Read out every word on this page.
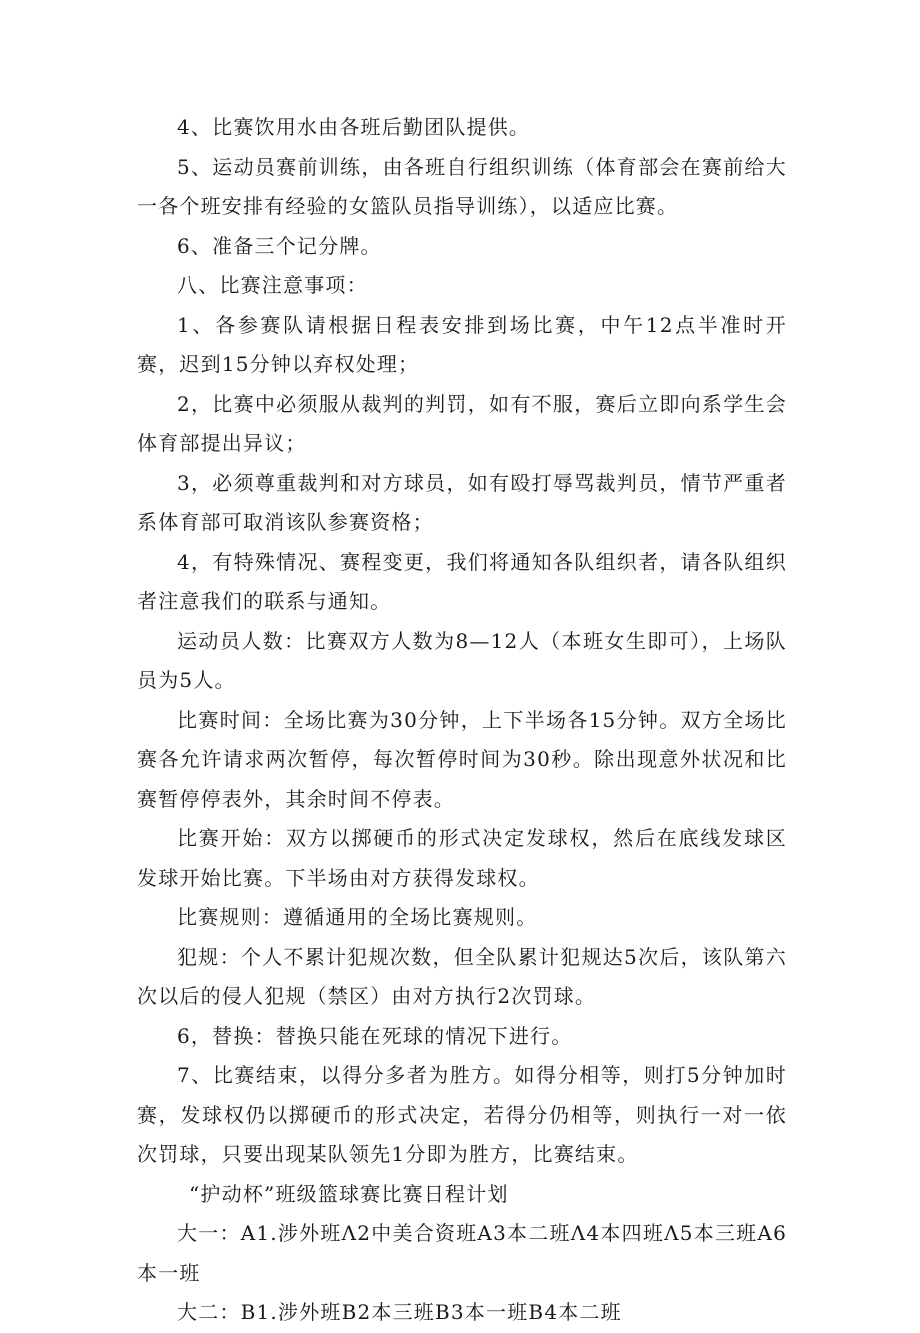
4、比赛饮用水由各班后勤团队提供。

5、运动员赛前训练，由各班自行组织训练（体育部会在赛前给大一各个班安排有经验的女篮队员指导训练），以适应比赛。

6、准备三个记分牌。

八、比赛注意事项：

1、各参赛队请根据日程表安排到场比赛，中午12点半准时开赛，迟到15分钟以弃权处理；

2，比赛中必须服从裁判的判罚，如有不服，赛后立即向系学生会体育部提出异议；

3，必须尊重裁判和对方球员，如有殴打辱骂裁判员，情节严重者系体育部可取消该队参赛资格；

4，有特殊情况、赛程变更，我们将通知各队组织者，请各队组织者注意我们的联系与通知。

运动员人数：比赛双方人数为8—12人（本班女生即可），上场队员为5人。

比赛时间：全场比赛为30分钟，上下半场各15分钟。双方全场比赛各允许请求两次暂停，每次暂停时间为30秒。除出现意外状况和比赛暂停停表外，其余时间不停表。

比赛开始：双方以掷硬币的形式决定发球权，然后在底线发球区发球开始比赛。下半场由对方获得发球权。

比赛规则：遵循通用的全场比赛规则。

犯规：个人不累计犯规次数，但全队累计犯规达5次后，该队第六次以后的侵人犯规（禁区）由对方执行2次罚球。

6，替换：替换只能在死球的情况下进行。

7、比赛结束，以得分多者为胜方。如得分相等，则打5分钟加时赛，发球权仍以掷硬币的形式决定，若得分仍相等，则执行一对一依次罚球，只要出现某队领先1分即为胜方，比赛结束。

“护动杯”班级篮球赛比赛日程计划

大一：A1.涉外班Λ2中美合资班A3本二班Λ4本四班Λ5本三班A6本一班

大二：B1.涉外班B2本三班B3本一班B4本二班
